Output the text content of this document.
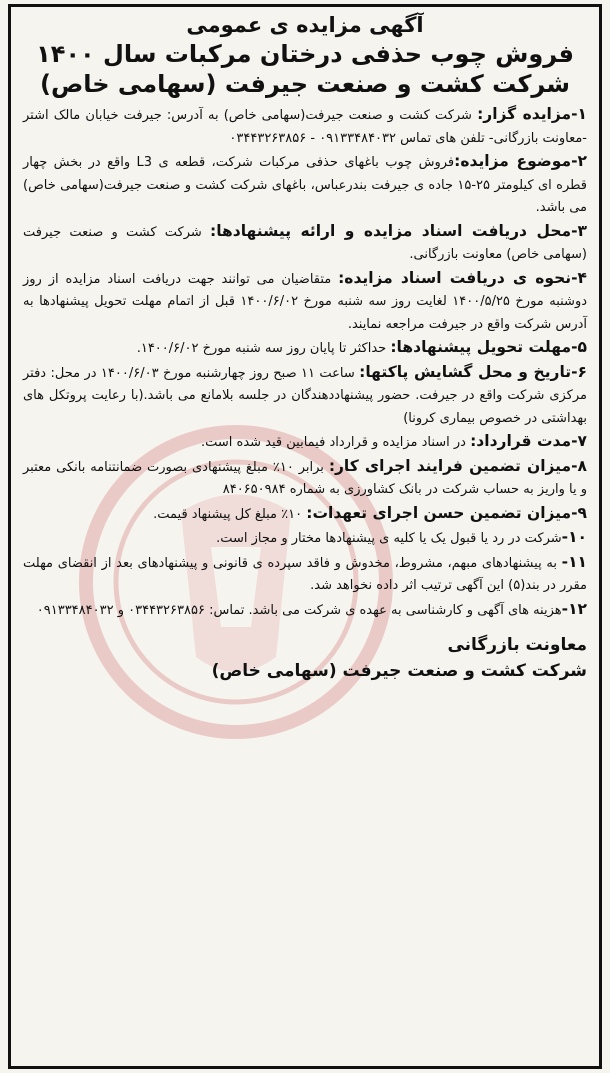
آگهی مزایده ی عمومی
فروش چوب حذفی درختان مرکبات سال ۱۴۰۰
شرکت کشت و صنعت جیرفت (سهامی خاص)

۱-مزایده گزار: شرکت کشت و صنعت جیرفت(سهامی خاص) به آدرس: جیرفت خیابان مالک اشتر -معاونت بازرگانی- تلفن های تماس ۰۹۱۳۳۴۸۴۰۳۲ - ۰۳۴۴۳۲۶۳۸۵۶

۲-موضوع مزایده:فروش چوب باغهای حذفی مرکبات شرکت، قطعه ی L3 واقع در بخش چهار قطره ای کیلومتر ۲۵-۱۵ جاده ی جیرفت بندرعباس، باغهای شرکت کشت و صنعت جیرفت(سهامی خاص) می باشد.

۳-محل دریافت اسناد مزایده و ارائه پیشنهادها: شرکت کشت و صنعت جیرفت (سهامی خاص) معاونت بازرگانی.

۴-نحوه ی دریافت اسناد مزایده: متقاضیان می توانند جهت دریافت اسناد مزایده از روز دوشنبه مورخ ۱۴۰۰/۵/۲۵ لغایت روز سه شنبه مورخ ۱۴۰۰/۶/۰۲ قبل از اتمام مهلت تحویل پیشنهادها به آدرس شرکت واقع در جیرفت مراجعه نمایند.

۵-مهلت تحویل پیشنهادها: حداکثر تا پایان روز سه شنبه مورخ ۱۴۰۰/۶/۰۲.

۶-تاریخ و محل گشایش پاکتها: ساعت ۱۱ صبح روز چهارشنبه مورخ ۱۴۰۰/۶/۰۳ در محل: دفتر مرکزی شرکت واقع در جیرفت. حضور پیشنهاددهندگان در جلسه بلامانع می باشد.(با رعایت پروتکل های بهداشتی در خصوص بیماری کرونا)

۷-مدت قرارداد: در اسناد مزایده و قرارداد فیمابین قید شده است.

۸-میزان تضمین فرایند اجرای کار: برابر ۱۰٪ مبلغ پیشنهادی بصورت ضمانتنامه بانکی معتبر و یا واریز به حساب شرکت در بانک کشاورزی به شماره ۸۴۰۶۵۰۹۸۴

۹-میزان تضمین حسن اجرای تعهدات: ۱۰٪ مبلغ کل پیشنهاد قیمت.

۱۰-شرکت در رد یا قبول یک یا کلیه ی پیشنهادها مختار و مجاز است.

۱۱- به پیشنهادهای مبهم، مشروط، مخدوش و فاقد سپرده ی قانونی و پیشنهادهای بعد از انقضای مهلت مقرر در بند(۵) این آگهی ترتیب اثر داده نخواهد شد.

۱۲-هزینه های آگهی و کارشناسی به عهده ی شرکت می باشد. تماس: ۰۳۴۴۳۲۶۳۸۵۶ و ۰۹۱۳۳۴۸۴۰۳۲

معاونت بازرگانی
شرکت کشت و صنعت جیرفت (سهامی خاص)
